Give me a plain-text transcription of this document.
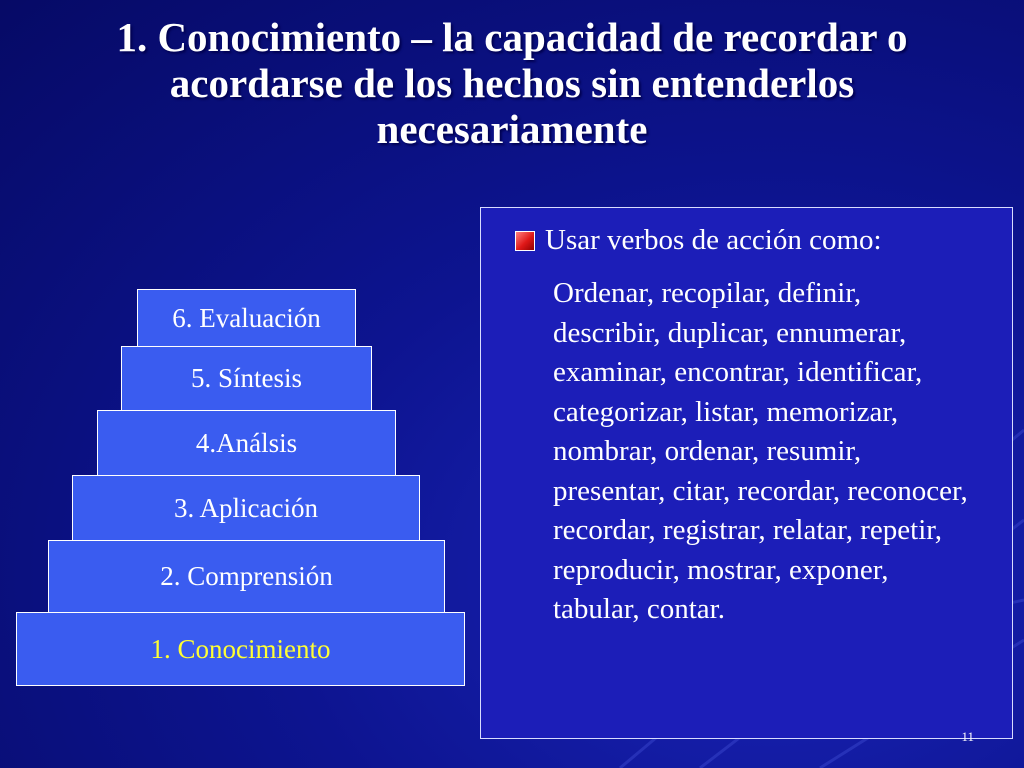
1. Conocimiento – la capacidad de recordar o acordarse de los hechos sin entenderlos necesariamente
6. Evaluación
5. Síntesis
4.Análsis
3. Aplicación
2. Comprensión
1. Conocimiento
Usar verbos de acción como:

Ordenar, recopilar, definir, describir, duplicar, ennumerar, examinar, encontrar, identificar, categorizar, listar, memorizar, nombrar, ordenar, resumir, presentar, citar, recordar, reconocer, recordar, registrar, relatar, repetir, reproducir, mostrar, exponer, tabular, contar.

11
